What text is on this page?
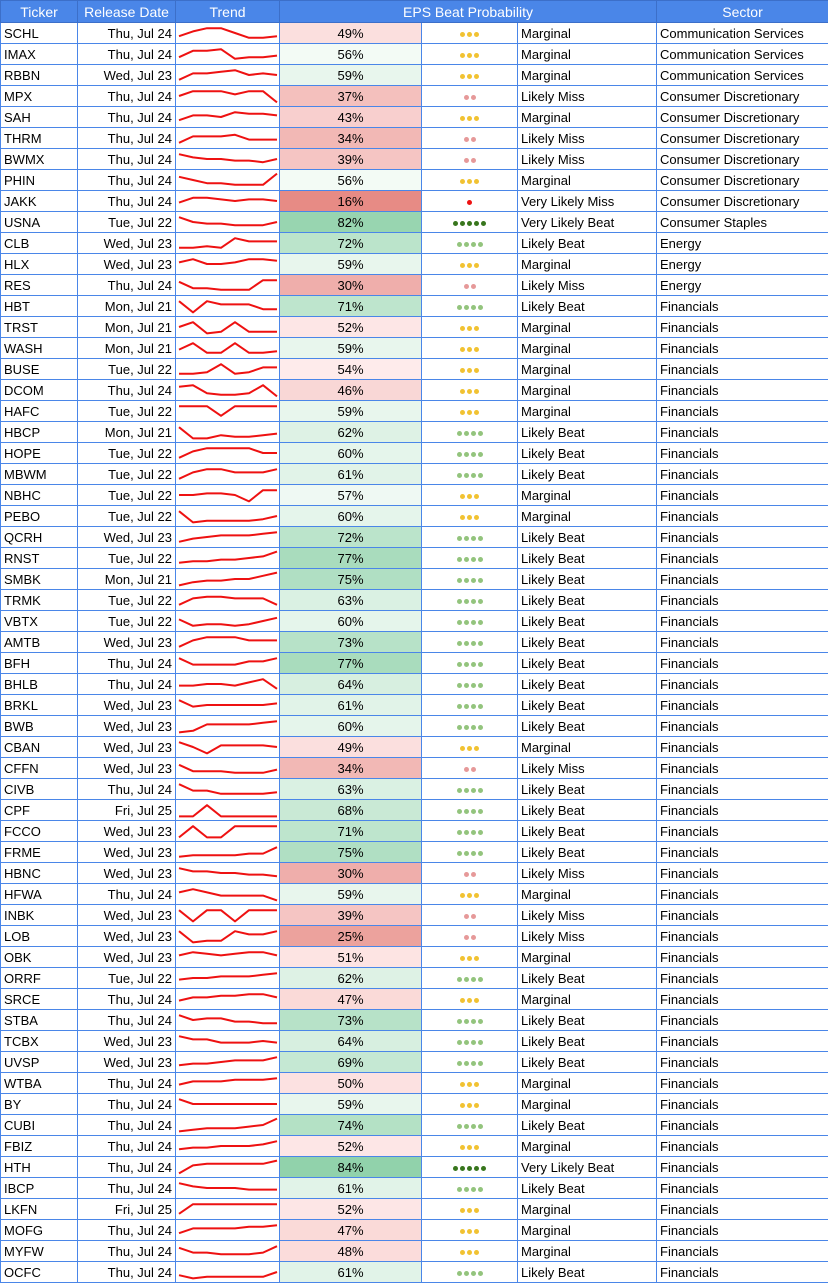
Ticker	Release Date	Trend	EPS Beat Probability			Sector
SCHL	Thu, Jul 24		49%		Marginal	Communication Services
IMAX	Thu, Jul 24		56%		Marginal	Communication Services
RBBN	Wed, Jul 23		59%		Marginal	Communication Services
MPX	Thu, Jul 24		37%		Likely Miss	Consumer Discretionary
SAH	Thu, Jul 24		43%		Marginal	Consumer Discretionary
THRM	Thu, Jul 24		34%		Likely Miss	Consumer Discretionary
BWMX	Thu, Jul 24		39%		Likely Miss	Consumer Discretionary
PHIN	Thu, Jul 24		56%		Marginal	Consumer Discretionary
JAKK	Thu, Jul 24		16%		Very Likely Miss	Consumer Discretionary
USNA	Tue, Jul 22		82%		Very Likely Beat	Consumer Staples
CLB	Wed, Jul 23		72%		Likely Beat	Energy
HLX	Wed, Jul 23		59%		Marginal	Energy
RES	Thu, Jul 24		30%		Likely Miss	Energy
HBT	Mon, Jul 21		71%		Likely Beat	Financials
TRST	Mon, Jul 21		52%		Marginal	Financials
WASH	Mon, Jul 21		59%		Marginal	Financials
BUSE	Tue, Jul 22		54%		Marginal	Financials
DCOM	Thu, Jul 24		46%		Marginal	Financials
HAFC	Tue, Jul 22		59%		Marginal	Financials
HBCP	Mon, Jul 21		62%		Likely Beat	Financials
HOPE	Tue, Jul 22		60%		Likely Beat	Financials
MBWM	Tue, Jul 22		61%		Likely Beat	Financials
NBHC	Tue, Jul 22		57%		Marginal	Financials
PEBO	Tue, Jul 22		60%		Marginal	Financials
QCRH	Wed, Jul 23		72%		Likely Beat	Financials
RNST	Tue, Jul 22		77%		Likely Beat	Financials
SMBK	Mon, Jul 21		75%		Likely Beat	Financials
TRMK	Tue, Jul 22		63%		Likely Beat	Financials
VBTX	Tue, Jul 22		60%		Likely Beat	Financials
AMTB	Wed, Jul 23		73%		Likely Beat	Financials
BFH	Thu, Jul 24		77%		Likely Beat	Financials
BHLB	Thu, Jul 24		64%		Likely Beat	Financials
BRKL	Wed, Jul 23		61%		Likely Beat	Financials
BWB	Wed, Jul 23		60%		Likely Beat	Financials
CBAN	Wed, Jul 23		49%		Marginal	Financials
CFFN	Wed, Jul 23		34%		Likely Miss	Financials
CIVB	Thu, Jul 24		63%		Likely Beat	Financials
CPF	Fri, Jul 25		68%		Likely Beat	Financials
FCCO	Wed, Jul 23		71%		Likely Beat	Financials
FRME	Wed, Jul 23		75%		Likely Beat	Financials
HBNC	Wed, Jul 23		30%		Likely Miss	Financials
HFWA	Thu, Jul 24		59%		Marginal	Financials
INBK	Wed, Jul 23		39%		Likely Miss	Financials
LOB	Wed, Jul 23		25%		Likely Miss	Financials
OBK	Wed, Jul 23		51%		Marginal	Financials
ORRF	Tue, Jul 22		62%		Likely Beat	Financials
SRCE	Thu, Jul 24		47%		Marginal	Financials
STBA	Thu, Jul 24		73%		Likely Beat	Financials
TCBX	Wed, Jul 23		64%		Likely Beat	Financials
UVSP	Wed, Jul 23		69%		Likely Beat	Financials
WTBA	Thu, Jul 24		50%		Marginal	Financials
BY	Thu, Jul 24		59%		Marginal	Financials
CUBI	Thu, Jul 24		74%		Likely Beat	Financials
FBIZ	Thu, Jul 24		52%		Marginal	Financials
HTH	Thu, Jul 24		84%		Very Likely Beat	Financials
IBCP	Thu, Jul 24		61%		Likely Beat	Financials
LKFN	Fri, Jul 25		52%		Marginal	Financials
MOFG	Thu, Jul 24		47%		Marginal	Financials
MYFW	Thu, Jul 24		48%		Marginal	Financials
OCFC	Thu, Jul 24		61%		Likely Beat	Financials
